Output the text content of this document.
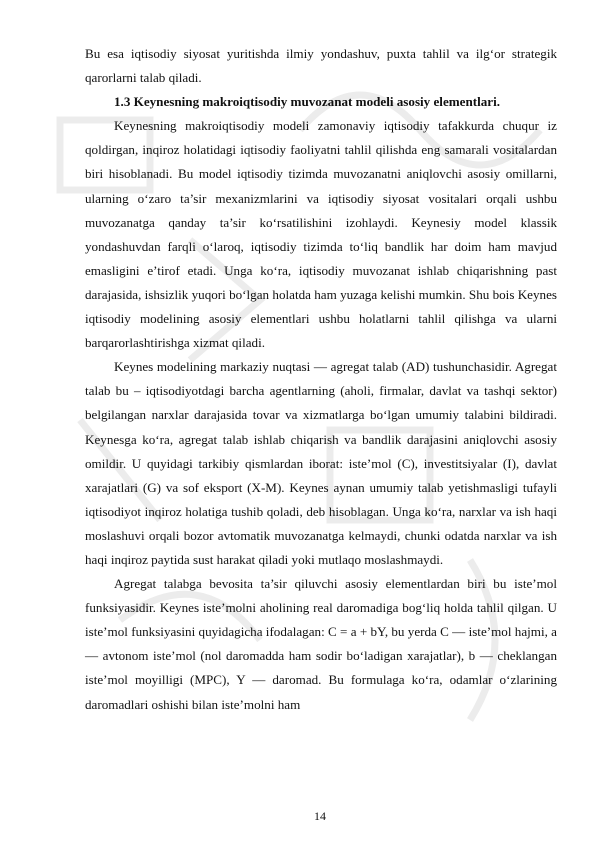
Bu esa iqtisodiy siyosat yuritishda ilmiy yondashuv, puxta tahlil va ilg‘or strategik qarorlarni talab qiladi.

1.3 Keynesning makroiqtisodiy muvozanat modeli asosiy elementlari.

Keynesning makroiqtisodiy modeli zamonaviy iqtisodiy tafakkurda chuqur iz qoldirgan, inqiroz holatidagi iqtisodiy faoliyatni tahlil qilishda eng samarali vositalardan biri hisoblanadi. Bu model iqtisodiy tizimda muvozanatni aniqlovchi asosiy omillarni, ularning o‘zaro ta’sir mexanizmlarini va iqtisodiy siyosat vositalari orqali ushbu muvozanatga qanday ta’sir ko‘rsatilishini izohlaydi. Keynesiy model klassik yondashuvdan farqli o‘laroq, iqtisodiy tizimda to‘liq bandlik har doim ham mavjud emasligini e’tirof etadi. Unga ko‘ra, iqtisodiy muvozanat ishlab chiqarishning past darajasida, ishsizlik yuqori bo‘lgan holatda ham yuzaga kelishi mumkin. Shu bois Keynes iqtisodiy modelining asosiy elementlari ushbu holatlarni tahlil qilishga va ularni barqarorlashtirishga xizmat qiladi.

Keynes modelining markaziy nuqtasi — agregat talab (AD) tushunchasidir. Agregat talab bu – iqtisodiyotdagi barcha agentlarning (aholi, firmalar, davlat va tashqi sektor) belgilangan narxlar darajasida tovar va xizmatlarga bo‘lgan umumiy talabini bildiradi. Keynesga ko‘ra, agregat talab ishlab chiqarish va bandlik darajasini aniqlovchi asosiy omildir. U quyidagi tarkibiy qismlardan iborat: iste’mol (C), investitsiyalar (I), davlat xarajatlari (G) va sof eksport (X-M). Keynes aynan umumiy talab yetishmasligi tufayli iqtisodiyot inqiroz holatiga tushib qoladi, deb hisoblagan. Unga ko‘ra, narxlar va ish haqi moslashuvi orqali bozor avtomatik muvozanatga kelmaydi, chunki odatda narxlar va ish haqi inqiroz paytida sust harakat qiladi yoki mutlaqo moslashmaydi.

Agregat talabga bevosita ta’sir qiluvchi asosiy elementlardan biri bu iste’mol funksiyasidir. Keynes iste’molni aholining real daromadiga bog‘liq holda tahlil qilgan. U iste’mol funksiyasini quyidagicha ifodalagan: C = a + bY, bu yerda C — iste’mol hajmi, a — avtonom iste’mol (nol daromadda ham sodir bo‘ladigan xarajatlar), b — cheklangan iste’mol moyilligi (MPC), Y — daromad. Bu formulaga ko‘ra, odamlar o‘zlarining daromadlari oshishi bilan iste’molni ham

14
